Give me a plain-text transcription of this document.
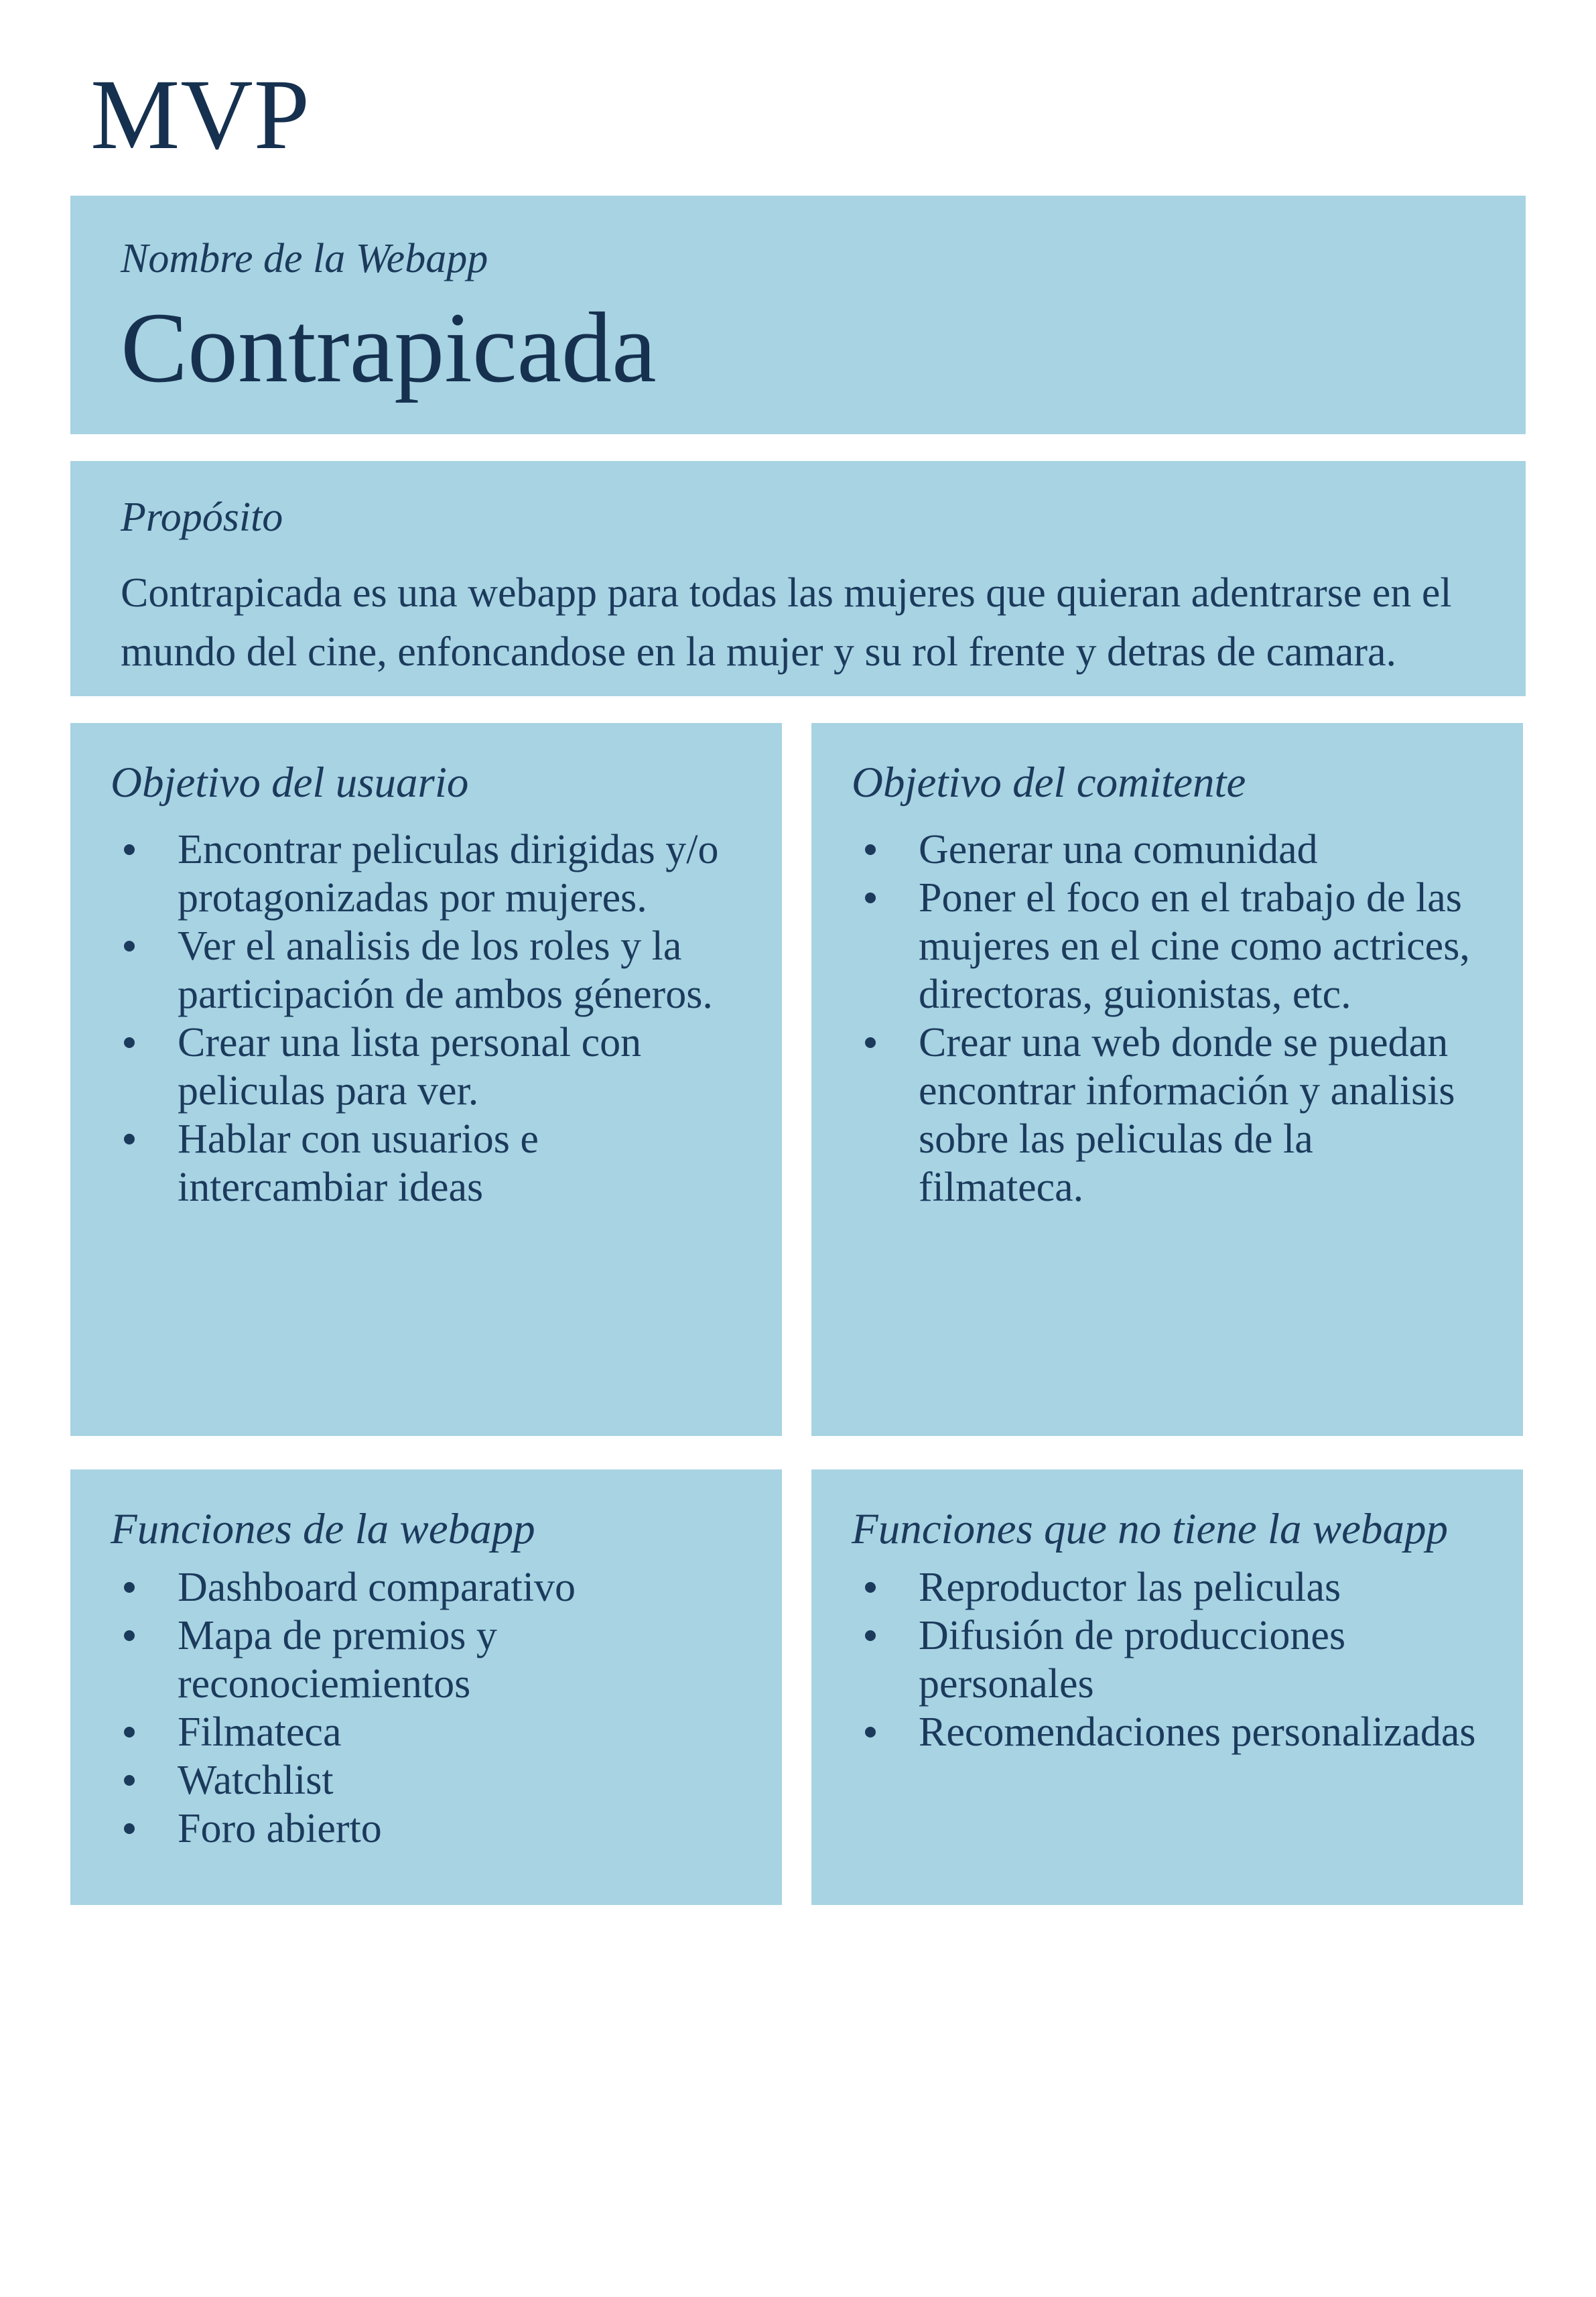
MVP
Nombre de la Webapp
Contrapicada
Propósito

Contrapicada es una webapp para todas las mujeres que quieran adentrarse en el mundo del cine, enfoncandose en la mujer y su rol frente y detras de camara.

Objetivo del usuario
Encontrar peliculas dirigidas y/o protagonizadas por mujeres.
Ver el analisis de los roles y la participación de ambos géneros.
Crear una lista personal con peliculas para ver.
Hablar con usuarios e intercambiar ideas
Objetivo del comitente
Generar una comunidad
Poner el foco en el trabajo de las mujeres en el cine como actrices, directoras, guionistas, etc.
Crear una web donde se puedan encontrar información y analisis sobre las peliculas de la filmateca.
Funciones de la webapp
Dashboard comparativo
Mapa de premios y reconociemientos
Filmateca
Watchlist
Foro abierto
Funciones que no tiene la webapp
Reproductor las peliculas
Difusión de producciones personales
Recomendaciones personalizadas
